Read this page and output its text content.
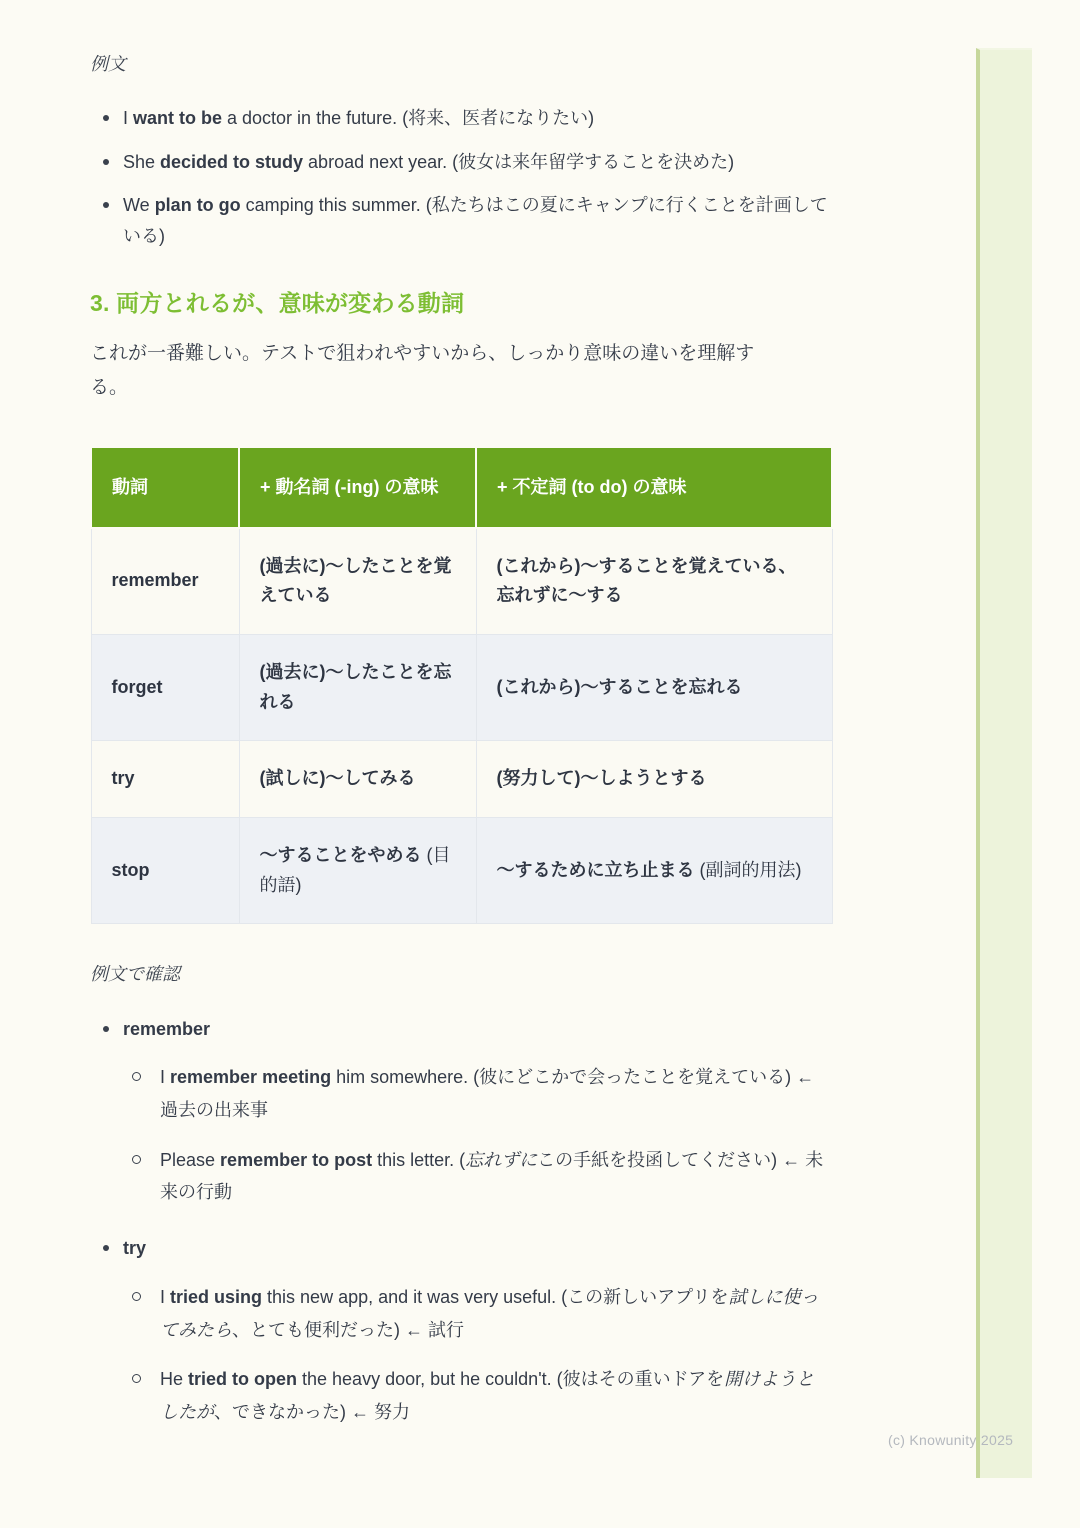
例文

I want to be a doctor in the future. (将来、医者になりたい)
She decided to study abroad next year. (彼女は来年留学することを決めた)
We plan to go camping this summer. (私たちはこの夏にキャンプに行くことを計画している)
3. 両方とれるが、意味が変わる動詞

これが一番難しい。テストで狙われやすいから、しっかり意味の違いを理解する。

動詞	+ 動名詞 (-ing) の意味	+ 不定詞 (to do) の意味
remember	(過去に)〜したことを覚えている	(これから)〜することを覚えている、忘れずに〜する
forget	(過去に)〜したことを忘れる	(これから)〜することを忘れる
try	(試しに)〜してみる	(努力して)〜しようとする
stop	〜することをやめる (目的語)	〜するために立ち止まる (副詞的用法)

例文で確認

remember
I remember meeting him somewhere. (彼にどこかで会ったことを覚えている) ← 過去の出来事
Please remember to post this letter. (忘れずにこの手紙を投函してください) ← 未来の行動
try
I tried using this new app, and it was very useful. (この新しいアプリを試しに使ってみたら、とても便利だった) ← 試行
He tried to open the heavy door, but he couldn't. (彼はその重いドアを開けようとしたが、できなかった) ← 努力
(c) Knowunity 2025
